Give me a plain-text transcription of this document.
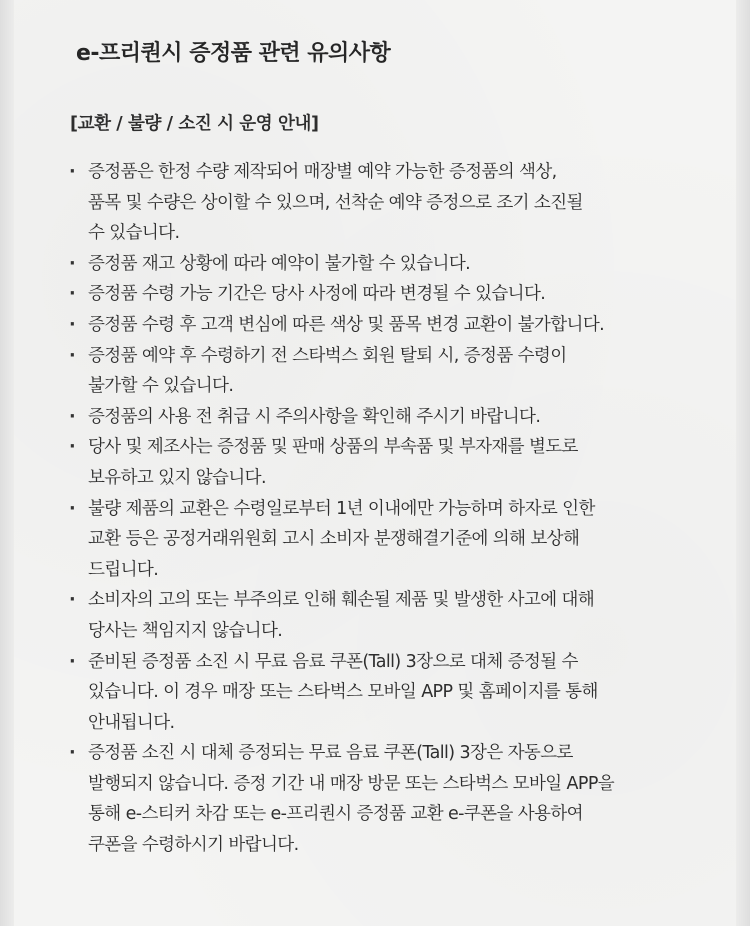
e-프리퀀시 증정품 관련 유의사항
[교환 / 불량 / 소진 시 운영 안내]
· 증정품은 한정 수량 제작되어 매장별 예약 가능한 증정품의 색상,
품목 및 수량은 상이할 수 있으며, 선착순 예약 증정으로 조기 소진될
수 있습니다.
· 증정품 재고 상황에 따라 예약이 불가할 수 있습니다.
· 증정품 수령 가능 기간은 당사 사정에 따라 변경될 수 있습니다.
· 증정품 수령 후 고객 변심에 따른 색상 및 품목 변경 교환이 불가합니다.
· 증정품 예약 후 수령하기 전 스타벅스 회원 탈퇴 시, 증정품 수령이
불가할 수 있습니다.
· 증정품의 사용 전 취급 시 주의사항을 확인해 주시기 바랍니다.
· 당사 및 제조사는 증정품 및 판매 상품의 부속품 및 부자재를 별도로
보유하고 있지 않습니다.
· 불량 제품의 교환은 수령일로부터 1년 이내에만 가능하며 하자로 인한
교환 등은 공정거래위원회 고시 소비자 분쟁해결기준에 의해 보상해
드립니다.
· 소비자의 고의 또는 부주의로 인해 훼손될 제품 및 발생한 사고에 대해
당사는 책임지지 않습니다.
· 준비된 증정품 소진 시 무료 음료 쿠폰(Tall) 3장으로 대체 증정될 수
있습니다. 이 경우 매장 또는 스타벅스 모바일 APP 및 홈페이지를 통해
안내됩니다.
· 증정품 소진 시 대체 증정되는 무료 음료 쿠폰(Tall) 3장은 자동으로
발행되지 않습니다. 증정 기간 내 매장 방문 또는 스타벅스 모바일 APP을
통해 e-스티커 차감 또는 e-프리퀀시 증정품 교환 e-쿠폰을 사용하여
쿠폰을 수령하시기 바랍니다.
